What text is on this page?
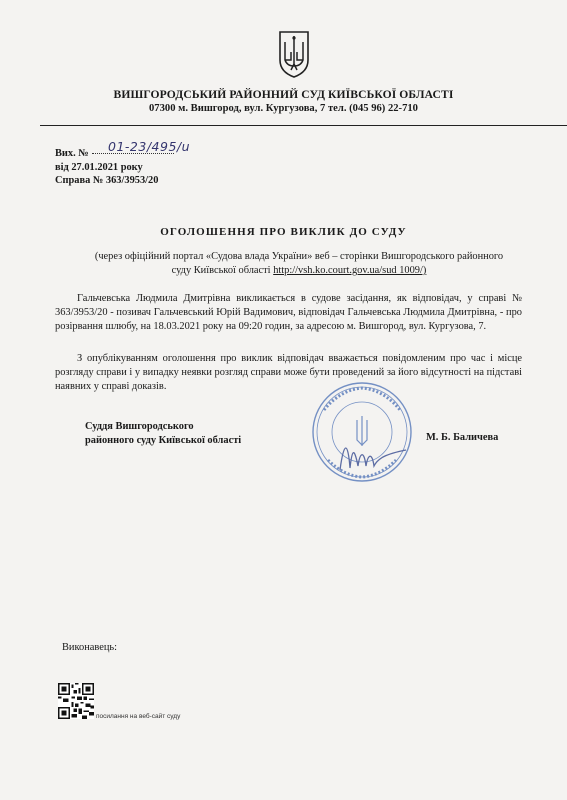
ВИШГОРОДСЬКИЙ РАЙОННИЙ СУД КИЇВСЬКОЇ ОБЛАСТІ
07300 м. Вишгород, вул. Кургузова, 7 тел. (045 96) 22-710
Вих. № 01-23/495/u
від 27.01.2021 року
Справа № 363/3953/20
ОГОЛОШЕННЯ ПРО ВИКЛИК ДО СУДУ
(через офіційний портал «Судова влада України» веб – сторінки Вишгородського районного суду Київської області http://vsh.ko.court.gov.ua/sud 1009/)
Гальчевська Людмила Дмитрівна викликається в судове засідання, як відповідач, у справі № 363/3953/20 - позивач Гальчевський Юрій Вадимович, відповідач Гальчевська Людмила Дмитрівна, - про розірвання шлюбу, на 18.03.2021 року на 09:20 годин, за адресою м. Вишгород, вул. Кургузова, 7.
З опублікуванням оголошення про виклик відповідач вважається повідомленим про час і місце розгляду справи і у випадку неявки розгляд справи може бути проведений за його відсутності на підставі наявних у справі доказів.
Суддя Вишгородського
районного суду Київської області	М. Б. Баличева
Виконавець:
посилання на веб-сайт суду
